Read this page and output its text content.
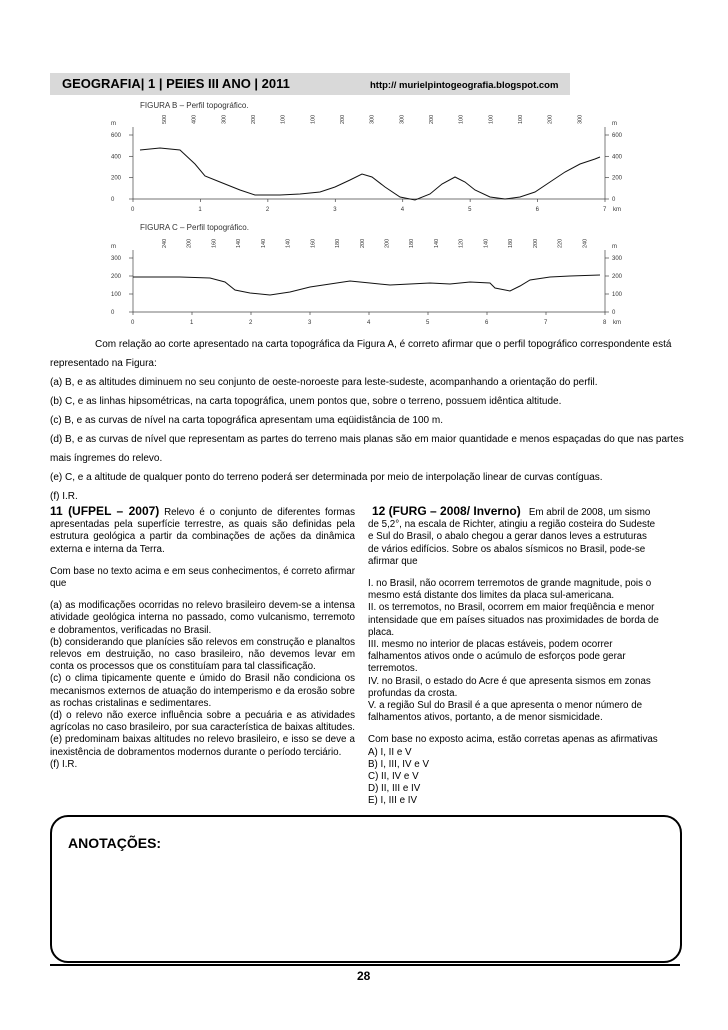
GEOGRAFIA| 1 | PEIES III ANO | 2011	http:// murielpintogeografia.blogspot.com
FIGURA B – Perfil topográfico.
500	400	300	200	100	100	200	300	300	200	100	100	100	200	300
600	600
400	400
200	200
0	0
m	m
0	1	2	3	4	5	6	7 km
FIGURA C – Perfil topográfico.
240	200	160	140	140	140	160	180	200	200	180	140	120	140	180	200	220	240
300	300
200	200
100	100
0	0
m	m
0	1	2	3	4	5	6	7	8 km
Com relação ao corte apresentado na carta topográfica da Figura A, é correto afirmar que o perfil topográfico correspondente está
representado na Figura:
(a) B, e as altitudes diminuem no seu conjunto de oeste-noroeste para leste-sudeste, acompanhando a orientação do perfil.
(b) C, e as linhas hipsométricas, na carta topográfica, unem pontos que, sobre o terreno, possuem idêntica altitude.
(c) B, e as curvas de nível na carta topográfica apresentam uma eqüidistância de 100 m.
(d) B, e as curvas de nível que representam as partes do terreno mais planas são em maior quantidade e menos espaçadas do que nas partes
mais íngremes do relevo.
(e) C, e a altitude de qualquer ponto do terreno poderá ser determinada por meio de interpolação linear de curvas contíguas.
(f) I.R.

11 (UFPEL – 2007) Relevo é o conjunto de diferentes formas apresentadas pela superfície terrestre, as quais são definidas pela estrutura geológica a partir da combinações de ações da dinâmica externa e interna da Terra.

Com base no texto acima e em seus conhecimentos, é correto afirmar que

(a) as modificações ocorridas no relevo brasileiro devem-se a intensa atividade geológica interna no passado, como vulcanismo, terremoto e dobramentos, verificadas no Brasil.

(b) considerando que planícies são relevos em construção e planaltos relevos em destruição, no caso brasileiro, não devemos levar em conta os processos que os constituíam para tal classificação.

(c) o clima tipicamente quente e úmido do Brasil não condiciona os mecanismos externos de atuação do intemperismo e da erosão sobre as rochas cristalinas e sedimentares.

(d) o relevo não exerce influência sobre a pecuária e as atividades agrícolas no caso brasileiro, por sua característica de baixas altitudes.

(e) predominam baixas altitudes no relevo brasileiro, e isso se deve a inexistência de dobramentos modernos durante o período terciário.

(f) I.R.

12 (FURG – 2008/ Inverno) Em abril de 2008, um sismo de 5,2°, na escala de Richter, atingiu a região costeira do Sudeste e Sul do Brasil, o abalo chegou a gerar danos leves a estruturas de vários edifícios. Sobre os abalos sísmicos no Brasil, pode-se afirmar que

I. no Brasil, não ocorrem terremotos de grande magnitude, pois o mesmo está distante dos limites da placa sul-americana.

II. os terremotos, no Brasil, ocorrem em maior freqüência e menor intensidade que em países situados nas proximidades de borda de placa.

III. mesmo no interior de placas estáveis, podem ocorrer falhamentos ativos onde o acúmulo de esforços pode gerar terremotos.

IV. no Brasil, o estado do Acre é que apresenta sismos em zonas profundas da crosta.

V. a região Sul do Brasil é a que apresenta o menor número de falhamentos ativos, portanto, a de menor sismicidade.

Com base no exposto acima, estão corretas apenas as afirmativas

A) I, II e V

B) I, III, IV e V

C) II, IV e V

D) II, III e IV

E) I, III e IV

ANOTAÇÕES:
28
